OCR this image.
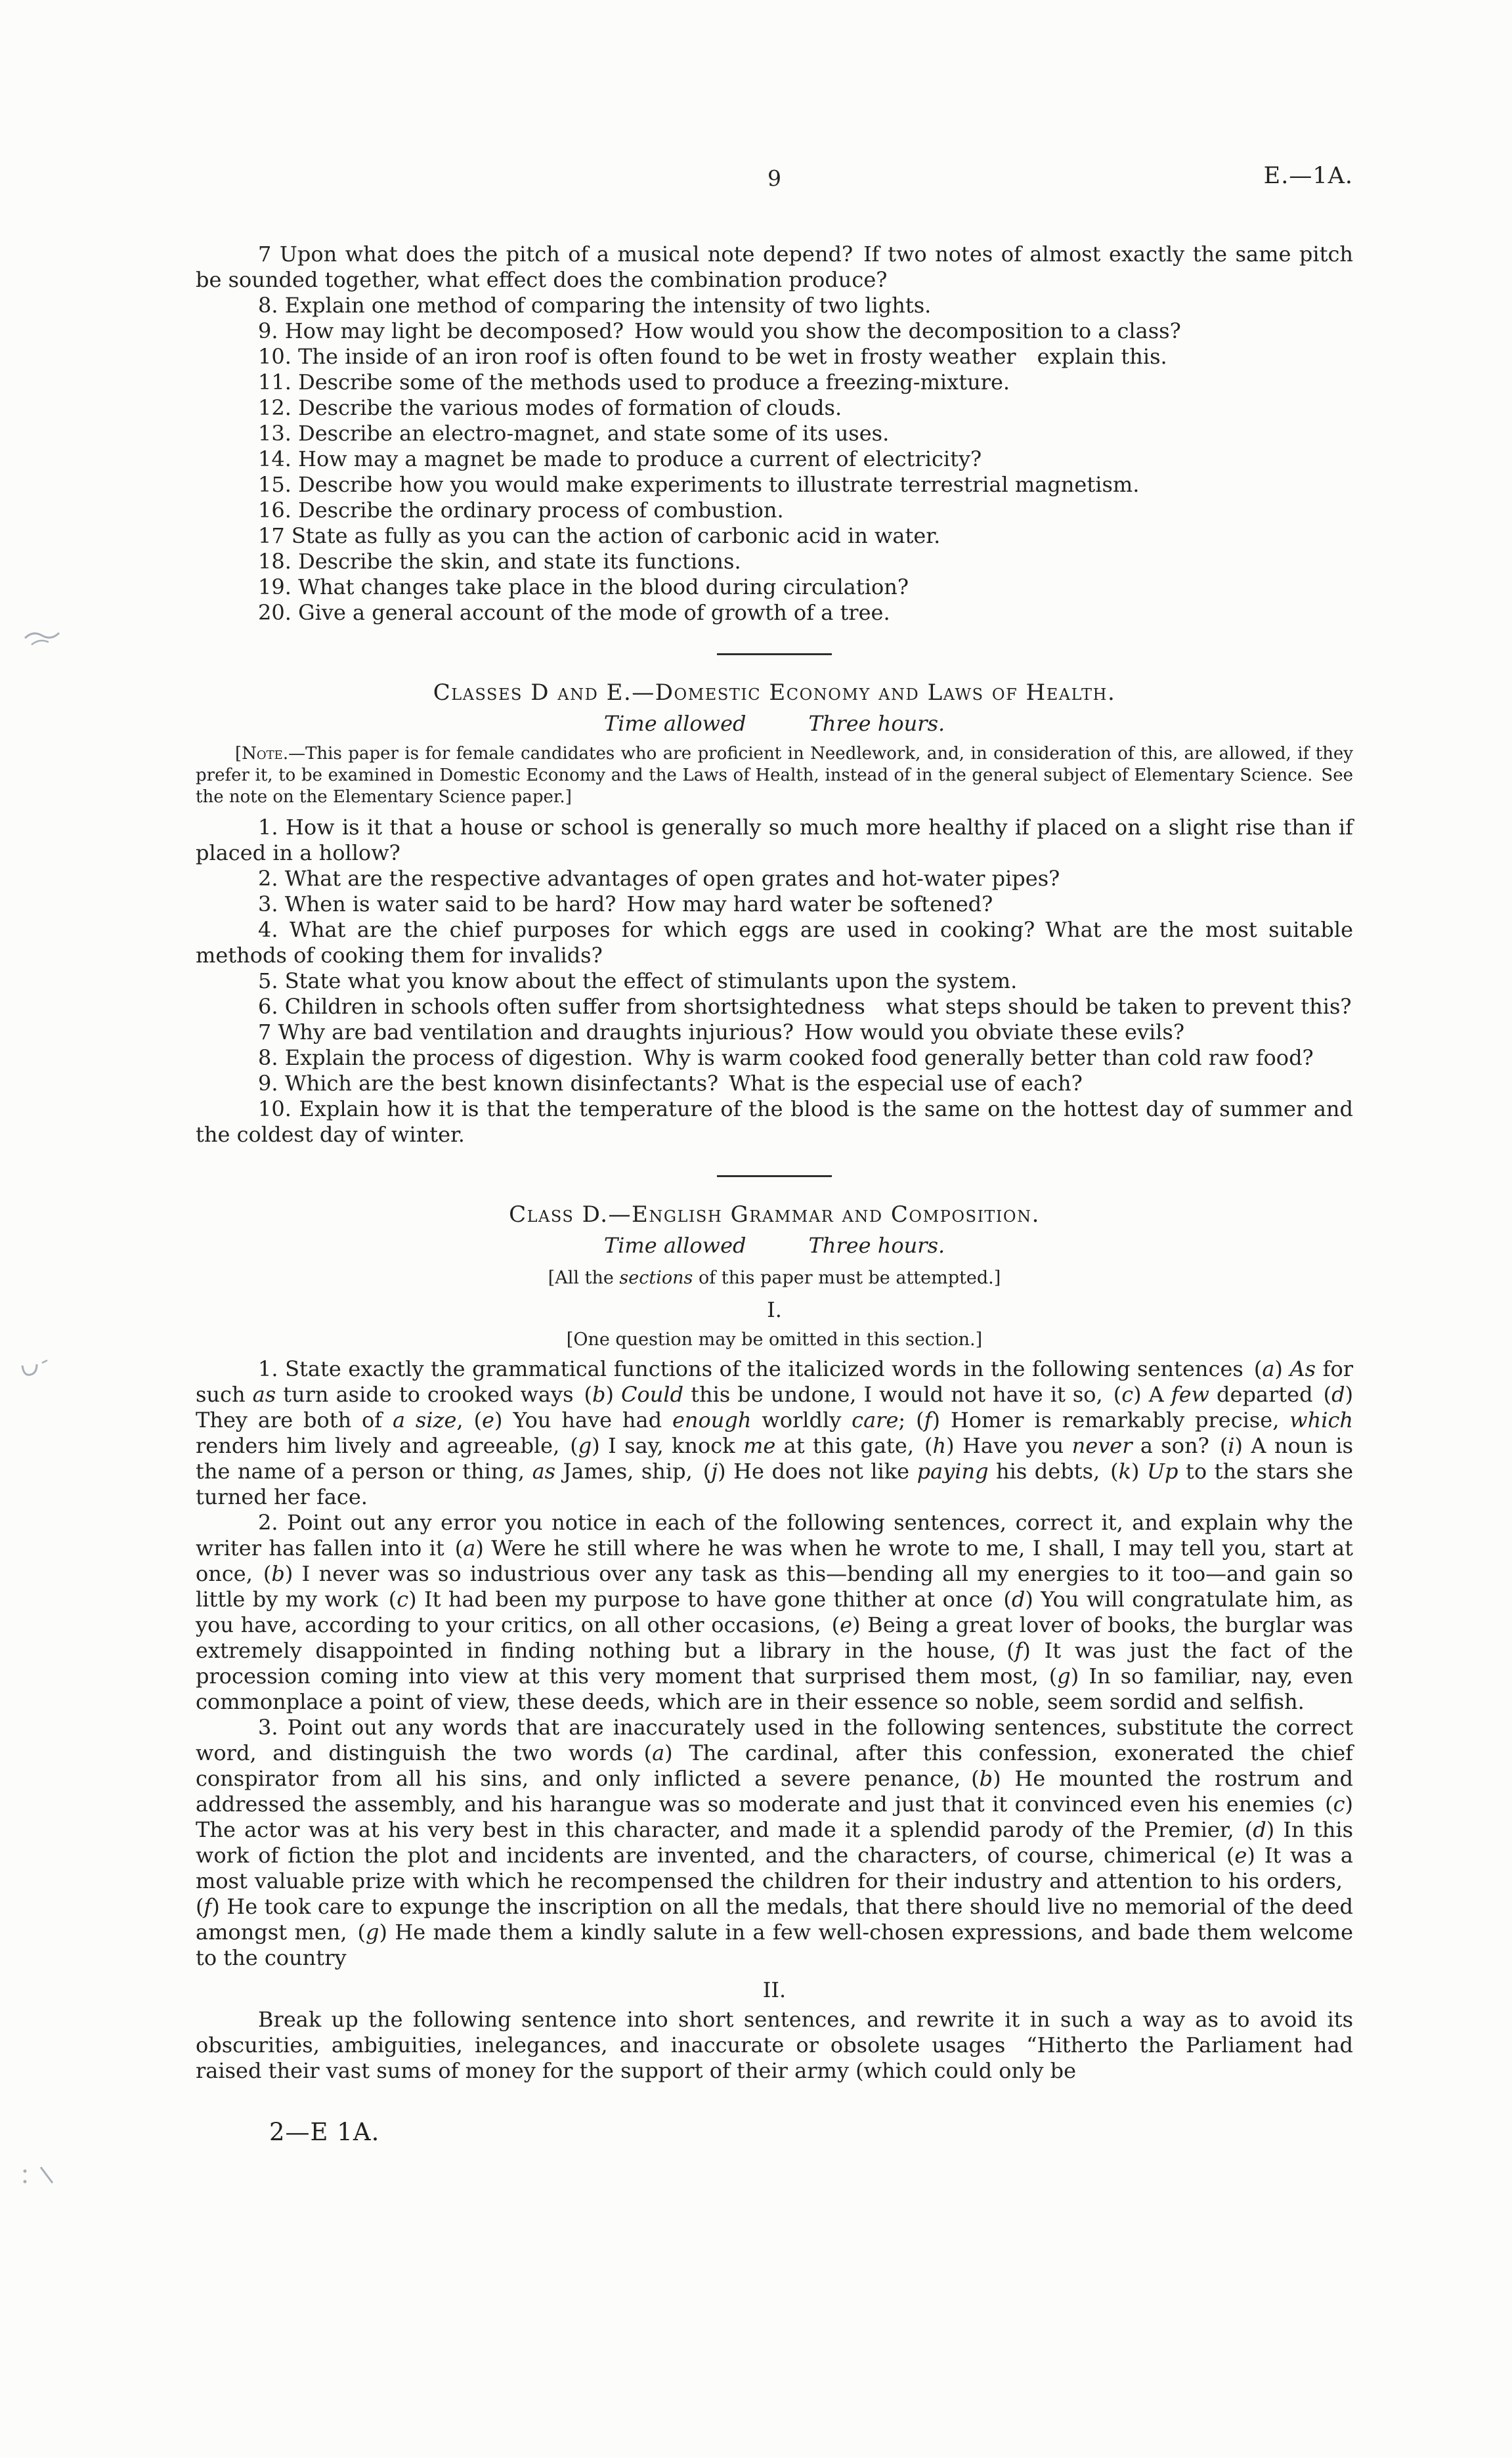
9	E.—1A.

7 Upon what does the pitch of a musical note depend? If two notes of almost exactly the same pitch be sounded together, what effect does the combination produce?

8. Explain one method of comparing the intensity of two lights.

9. How may light be decomposed? How would you show the decomposition to a class?

10. The inside of an iron roof is often found to be wet in frosty weather explain this.

11. Describe some of the methods used to produce a freezing-mixture.

12. Describe the various modes of formation of clouds.

13. Describe an electro-magnet, and state some of its uses.

14. How may a magnet be made to produce a current of electricity?

15. Describe how you would make experiments to illustrate terrestrial magnetism.

16. Describe the ordinary process of combustion.

17 State as fully as you can the action of carbonic acid in water.

18. Describe the skin, and state its functions.

19. What changes take place in the blood during circulation?

20. Give a general account of the mode of growth of a tree.

Classes D and E.—Domestic Economy and Laws of Health.

Time allowed	Three hours.

[Note.—This paper is for female candidates who are proficient in Needlework, and, in consideration of this, are allowed, if they prefer it, to be examined in Domestic Economy and the Laws of Health, instead of in the general subject of Elementary Science. See the note on the Elementary Science paper.]

1. How is it that a house or school is generally so much more healthy if placed on a slight rise than if placed in a hollow?

2. What are the respective advantages of open grates and hot-water pipes?

3. When is water said to be hard? How may hard water be softened?

4. What are the chief purposes for which eggs are used in cooking? What are the most suitable methods of cooking them for invalids?

5. State what you know about the effect of stimulants upon the system.

6. Children in schools often suffer from shortsightedness what steps should be taken to prevent this?

7 Why are bad ventilation and draughts injurious? How would you obviate these evils?

8. Explain the process of digestion. Why is warm cooked food generally better than cold raw food?

9. Which are the best known disinfectants? What is the especial use of each?

10. Explain how it is that the temperature of the blood is the same on the hottest day of summer and the coldest day of winter.

Class D.—English Grammar and Composition.

Time allowed	Three hours.

[All the sections of this paper must be attempted.]

I.

[One question may be omitted in this section.]

1. State exactly the grammatical functions of the italicized words in the following sentences (a) As for such as turn aside to crooked ways (b) Could this be undone, I would not have it so, (c) A few departed (d) They are both of a size, (e) You have had enough worldly care; (f) Homer is remarkably precise, which renders him lively and agreeable, (g) I say, knock me at this gate, (h) Have you never a son? (i) A noun is the name of a person or thing, as James, ship, (j) He does not like paying his debts, (k) Up to the stars she turned her face.

2. Point out any error you notice in each of the following sentences, correct it, and explain why the writer has fallen into it (a) Were he still where he was when he wrote to me, I shall, I may tell you, start at once, (b) I never was so industrious over any task as this—bending all my energies to it too—and gain so little by my work (c) It had been my purpose to have gone thither at once (d) You will congratulate him, as you have, according to your critics, on all other occasions, (e) Being a great lover of books, the burglar was extremely disappointed in finding nothing but a library in the house, (f) It was just the fact of the procession coming into view at this very moment that surprised them most, (g) In so familiar, nay, even commonplace a point of view, these deeds, which are in their essence so noble, seem sordid and selfish.

3. Point out any words that are inaccurately used in the following sentences, substitute the correct word, and distinguish the two words (a) The cardinal, after this confession, exonerated the chief conspirator from all his sins, and only inflicted a severe penance, (b) He mounted the rostrum and addressed the assembly, and his harangue was so moderate and just that it convinced even his enemies (c) The actor was at his very best in this character, and made it a splendid parody of the Premier, (d) In this work of fiction the plot and incidents are invented, and the characters, of course, chimerical (e) It was a most valuable prize with which he recompensed the children for their industry and attention to his orders, (f) He took care to expunge the inscription on all the medals, that there should live no memorial of the deed amongst men, (g) He made them a kindly salute in a few well-chosen expressions, and bade them welcome to the country

II.

Break up the following sentence into short sentences, and rewrite it in such a way as to avoid its obscurities, ambiguities, inelegances, and inaccurate or obsolete usages “Hitherto the Parliament had raised their vast sums of money for the support of their army (which could only be

2—E 1A.
